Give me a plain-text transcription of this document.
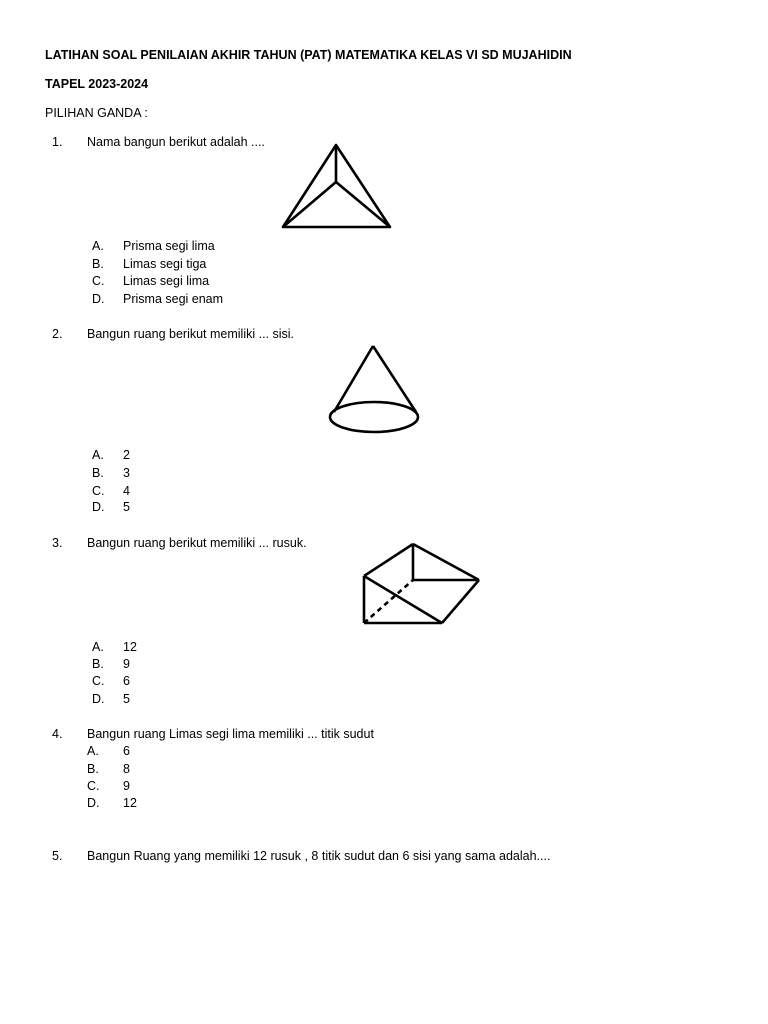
LATIHAN SOAL PENILAIAN AKHIR TAHUN (PAT) MATEMATIKA KELAS VI SD MUJAHIDIN
TAPEL 2023-2024
PILIHAN GANDA :
1. Nama bangun berikut adalah ....
A. Prisma segi lima
B. Limas segi tiga
C. Limas segi lima
D. Prisma segi enam
2. Bangun ruang berikut memiliki ... sisi.
A. 2
B. 3
C. 4
D. 5
3. Bangun ruang berikut memiliki ... rusuk.
A. 12
B. 9
C. 6
D. 5
4. Bangun ruang Limas segi lima memiliki ... titik sudut
A. 6
B. 8
C. 9
D. 12
5. Bangun Ruang yang memiliki 12 rusuk , 8 titik sudut dan 6 sisi yang sama adalah....
